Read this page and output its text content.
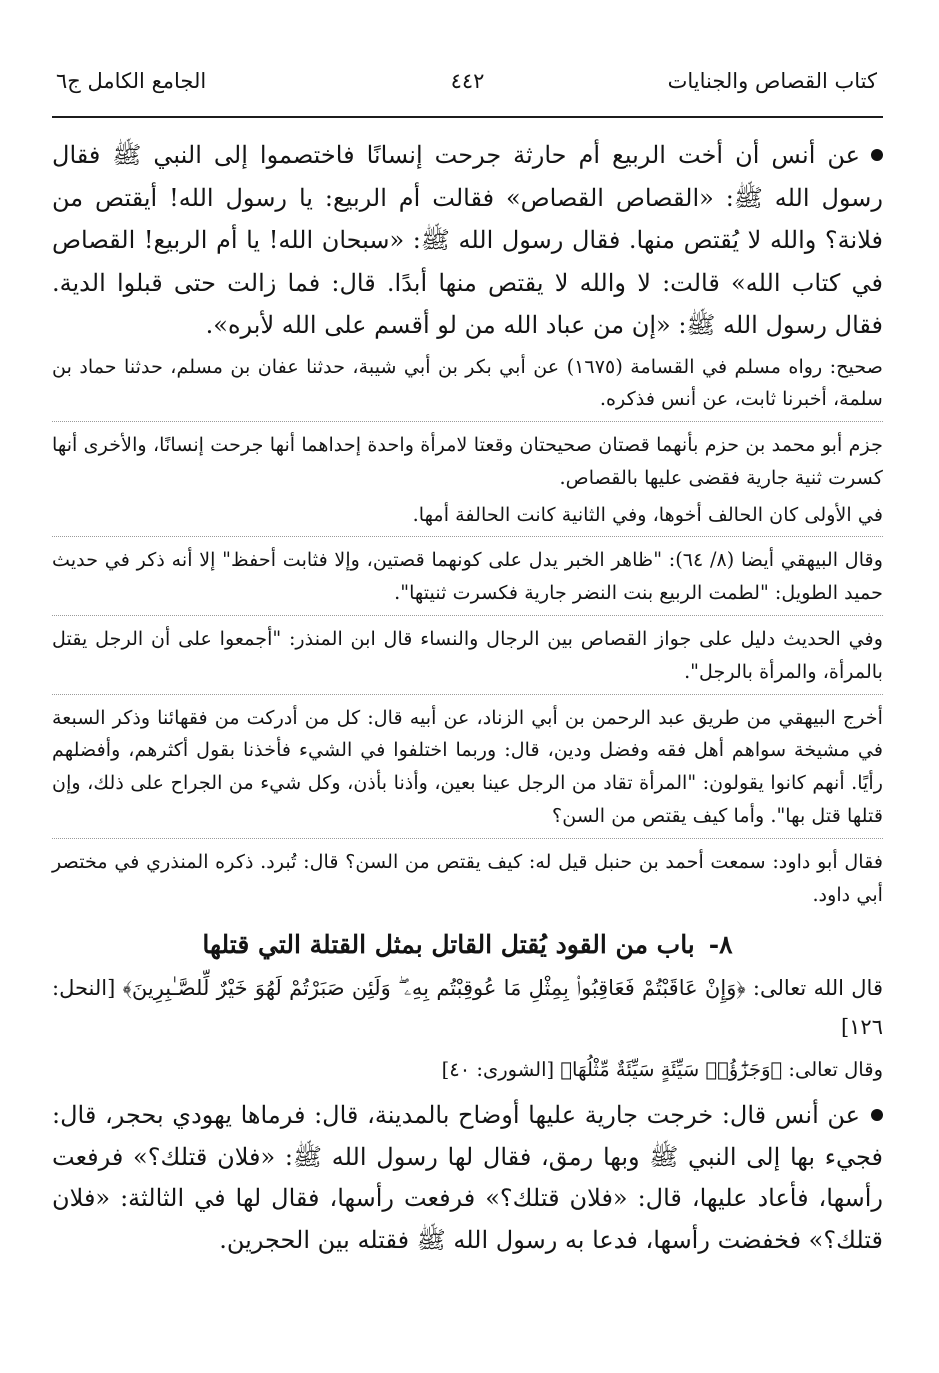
كتاب القصاص والجنايات
٤٤٢
الجامع الكامل ج٦

عن أنس أن أخت الربيع أم حارثة جرحت إنسانًا فاختصموا إلى النبي ﷺ فقال رسول الله ﷺ: «القصاص القصاص» فقالت أم الربيع: يا رسول الله! أيقتص من فلانة؟ والله لا يُقتص منها. فقال رسول الله ﷺ: «سبحان الله! يا أم الربيع! القصاص في كتاب الله» قالت: لا والله لا يقتص منها أبدًا. قال: فما زالت حتى قبلوا الدية. فقال رسول الله ﷺ: «إن من عباد الله من لو أقسم على الله لأبره».

صحيح: رواه مسلم في القسامة (١٦٧٥) عن أبي بكر بن أبي شيبة، حدثنا عفان بن مسلم، حدثنا حماد بن سلمة، أخبرنا ثابت، عن أنس فذكره.

جزم أبو محمد بن حزم بأنهما قصتان صحيحتان وقعتا لامرأة واحدة إحداهما أنها جرحت إنسانًا، والأخرى أنها كسرت ثنية جارية فقضى عليها بالقصاص.

في الأولى كان الحالف أخوها، وفي الثانية كانت الحالفة أمها.

وقال البيهقي أيضا (٨/ ٦٤): "ظاهر الخبر يدل على كونهما قصتين، وإلا فثابت أحفظ" إلا أنه ذكر في حديث حميد الطويل: "لطمت الربيع بنت النضر جارية فكسرت ثنيتها".

وفي الحديث دليل على جواز القصاص بين الرجال والنساء قال ابن المنذر: "أجمعوا على أن الرجل يقتل بالمرأة، والمرأة بالرجل".

أخرج البيهقي من طريق عبد الرحمن بن أبي الزناد، عن أبيه قال: كل من أدركت من فقهائنا وذكر السبعة في مشيخة سواهم أهل فقه وفضل ودين، قال: وربما اختلفوا في الشيء فأخذنا بقول أكثرهم، وأفضلهم رأيًا. أنهم كانوا يقولون: "المرأة تقاد من الرجل عينا بعين، وأذنا بأذن، وكل شيء من الجراح على ذلك، وإن قتلها قتل بها". وأما كيف يقتص من السن؟

فقال أبو داود: سمعت أحمد بن حنبل قيل له: كيف يقتص من السن؟ قال: تُبرد. ذكره المنذري في مختصر أبي داود.

٨-باب من القود يُقتل القاتل بمثل القتلة التي قتلها

قال الله تعالى: ﴿وَإِنْ عَاقَبْتُمْ فَعَاقِبُوا۟ بِمِثْلِ مَا عُوقِبْتُم بِهِۦ ۖ وَلَئِن صَبَرْتُمْ لَهُوَ خَيْرٌ لِّلصَّـٰبِرِينَ﴾ [النحل: ١٢٦]

وقال تعالى: ﴿وَجَزَٰٓؤُا۟ سَيِّئَةٍ سَيِّئَةٌ مِّثْلُهَا﴾ [الشورى: ٤٠]

عن أنس قال: خرجت جارية عليها أوضاح بالمدينة، قال: فرماها يهودي بحجر، قال: فجيء بها إلى النبي ﷺ وبها رمق، فقال لها رسول الله ﷺ: «فلان قتلك؟» فرفعت رأسها، فأعاد عليها، قال: «فلان قتلك؟» فرفعت رأسها، فقال لها في الثالثة: «فلان قتلك؟» فخفضت رأسها، فدعا به رسول الله ﷺ فقتله بين الحجرين.
